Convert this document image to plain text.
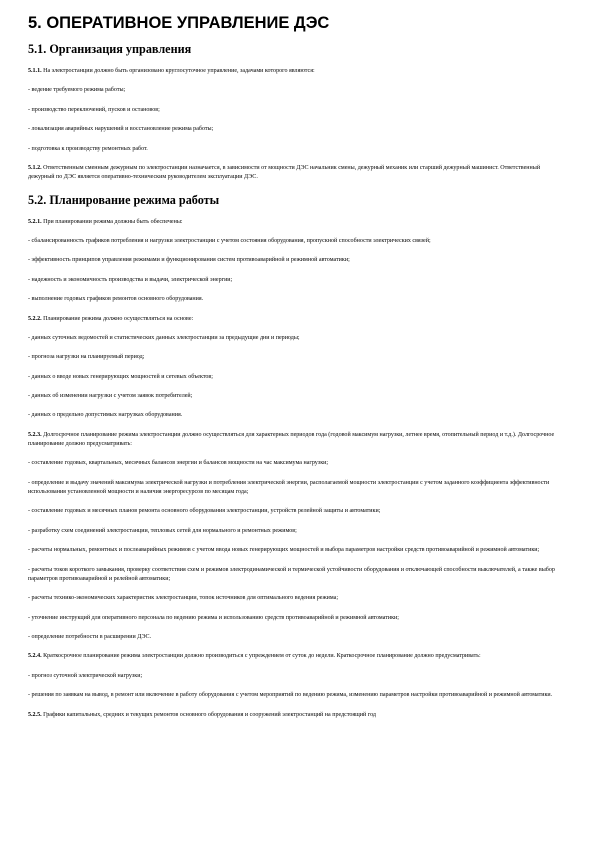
5. ОПЕРАТИВНОЕ УПРАВЛЕНИЕ ДЭС
5.1. Организация управления

5.1.1. На электростанции должно быть организовано круглосуточное управление, задачами которого являются:

- ведение требуемого режима работы;

- производство переключений, пусков и остановов;

- локализация аварийных нарушений и восстановление режима работы;

- подготовка к производству ремонтных работ.

5.1.2. Ответственным сменным дежурным по электростанции назначается, в зависимости от мощности ДЭС начальник смены, дежурный механик или старший дежурный машинист. Ответственный дежурный по ДЭС является оперативно-техническим руководителем эксплуатации ДЭС.

5.2. Планирование режима работы

5.2.1. При планировании режима должны быть обеспечены:

- сбалансированность графиков потребления и нагрузки электростанции с учетом состояния оборудования, пропускной способности электрических связей;

- эффективность принципов управления режимами и функционирования систем противоаварийной и режимной автоматики;

- надежность и экономичность производства и выдачи, электрической энергии;

- выполнение годовых графиков ремонтов основного оборудования.

5.2.2. Планирование режима должно осуществляться на основе:

- данных суточных ведомостей и статистических данных электростанции за предыдущие дни и периоды;

- прогноза нагрузки на планируемый период;

- данных о вводе новых генерирующих мощностей и сетевых объектов;

- данных об изменении нагрузки с учетом заявок потребителей;

- данных о предельно допустимых нагрузках оборудования.

5.2.3. Долгосрочное планирование режима электростанции должно осуществляться для характерных периодов года (годовой максимум нагрузки, летнее время, отопительный период и т.д.). Долгосрочное планирование должно предусматривать:

- составление годовых, квартальных, месячных балансов энергии и балансов мощности на час максимума нагрузки;

- определение и выдачу значений максимума электрической нагрузки и потребления электрической энергии, располагаемой мощности электростанции с учетом заданного коэффициента эффективности использования установленной мощности и наличия энергоресурсов по месяцам года;

- составление годовых и месячных планов ремонта основного оборудования электростанции, устройств релейной защиты и автоматики;

- разработку схем соединений электростанции, тепловых сетей для нормального и ремонтных режимов;

- расчеты нормальных, ремонтных и послеаварийных режимов с учетом ввода новых генерирующих мощностей и выбора параметров настройки средств противоаварийной и режимной автоматики;

- расчеты токов короткого замыкания, проверку соответствия схем и режимов электродинамической и термической устойчивости оборудования и отключающей способности выключателей, а также выбор параметров противоаварийной и релейной автоматики;

- расчеты технико-экономических характеристик электростанции, топок источников для оптимального ведения режима;

- уточнение инструкций для оперативного персонала по ведению режима и использованию средств противоаварийной и режимной автоматики;

- определение потребности в расширении ДЭС.

5.2.4. Краткосрочное планирование режима электростанции должно производиться с упреждением от суток до недели. Краткосрочное планирование должно предусматривать:

- прогноз суточной электрической нагрузки;

- решения по заявкам на вывод, в ремонт или включение в работу оборудования с учетом мероприятий по ведению режима, изменению параметров настройки противоаварийной и режимной автоматики.

5.2.5. Графики капитальных, средних и текущих ремонтов основного оборудования и сооружений электростанций на предстоящий год
